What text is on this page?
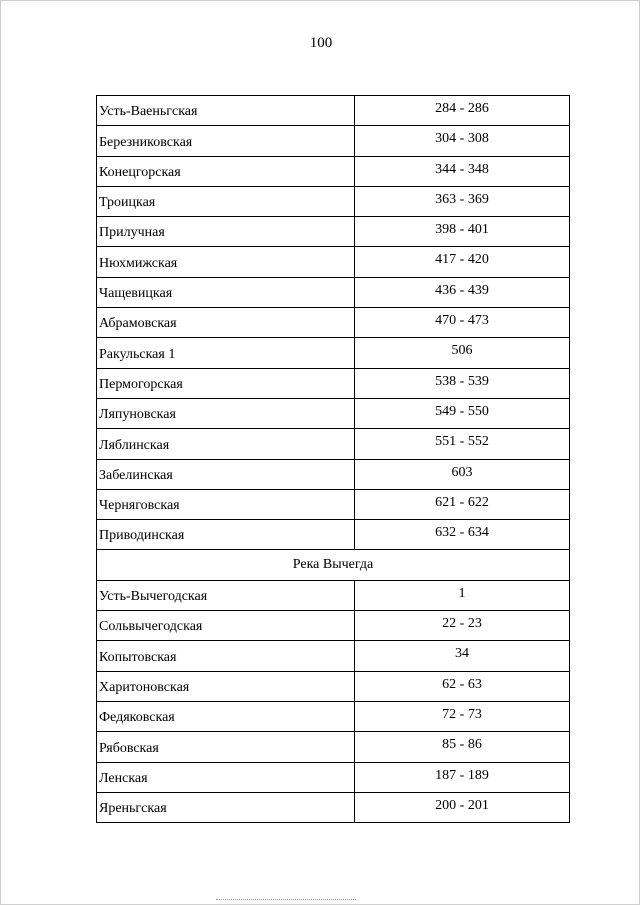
100
Усть-Ваеньгская	284 - 286
Березниковская	304 - 308
Конецгорская	344 - 348
Троицкая	363 - 369
Прилучная	398 - 401
Нюхмижская	417 - 420
Чащевицкая	436 - 439
Абрамовская	470 - 473
Ракульская 1	506
Пермогорская	538 - 539
Ляпуновская	549 - 550
Ляблинская	551 - 552
Забелинская	603
Черняговская	621 - 622
Приводинская	632 - 634
Река Вычегда	
Усть-Вычегодская	1
Сольвычегодская	22 - 23
Копытовская	34
Харитоновская	62 - 63
Федяковская	72 - 73
Рябовская	85 - 86
Ленская	187 - 189
Яреньгская	200 - 201
